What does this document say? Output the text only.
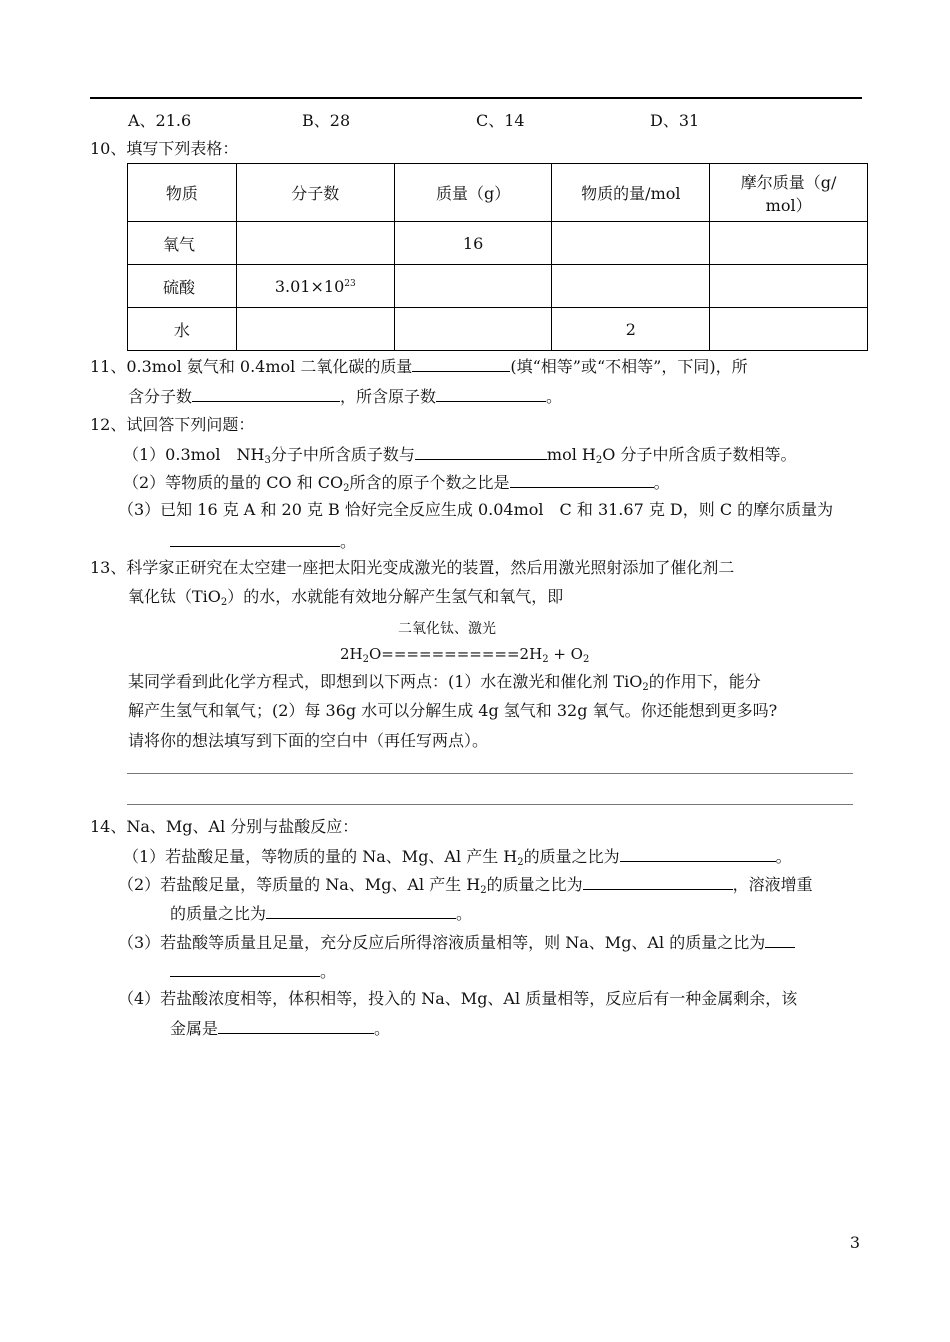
A、21.6	B、28	C、14	D、31
10、填写下列表格：
物质	分子数	质量（g）	物质的量/mol	摩尔质量（g/
mol）
氧气		16		
硫酸	$3.01\times 10^{23}$			
水			2	
11、0.3mol 氨气和 0.4mol 二氧化碳的质量	(填“相等”或“不相等”，下同)，所
含分子数	，所含原子数	。
12、试回答下列问题：
（1）0.3mol　$NH_3$分子中所含质子数与	mol $H_2O$ 分子中所含质子数相等。
（2）等物质的量的 CO 和 $CO_2$所含的原子个数之比是	。
（3）已知 16 克 A 和 20 克 B 恰好完全反应生成 0.04mol　C 和 31.67 克 D，则 C 的摩尔质量为
。
13、科学家正研究在太空建一座把太阳光变成激光的装置，然后用激光照射添加了催化剂二
氧化钛（TiO$_2$）的水，水就能有效地分解产生氢气和氧气，即
二氧化钛、激光
$2H_2O===========2H_2 + O_2$
某同学看到此化学方程式，即想到以下两点：(1）水在激光和催化剂 TiO$_2$的作用下，能分
解产生氢气和氧气；(2）每 36g 水可以分解生成 4g 氢气和 32g 氧气。你还能想到更多吗?
请将你的想法填写到下面的空白中（再任写两点）。
14、Na、Mg、Al 分别与盐酸反应：
（1）若盐酸足量，等物质的量的 Na、Mg、Al 产生 $H_2$的质量之比为	。
（2）若盐酸足量，等质量的 Na、Mg、Al 产生 $H_2$的质量之比为	，溶液增重
的质量之比为	。
（3）若盐酸等质量且足量，充分反应后所得溶液质量相等，则 Na、Mg、Al 的质量之比为
。
（4）若盐酸浓度相等，体积相等，投入的 Na、Mg、Al 质量相等，反应后有一种金属剩余，该
金属是	。
3
